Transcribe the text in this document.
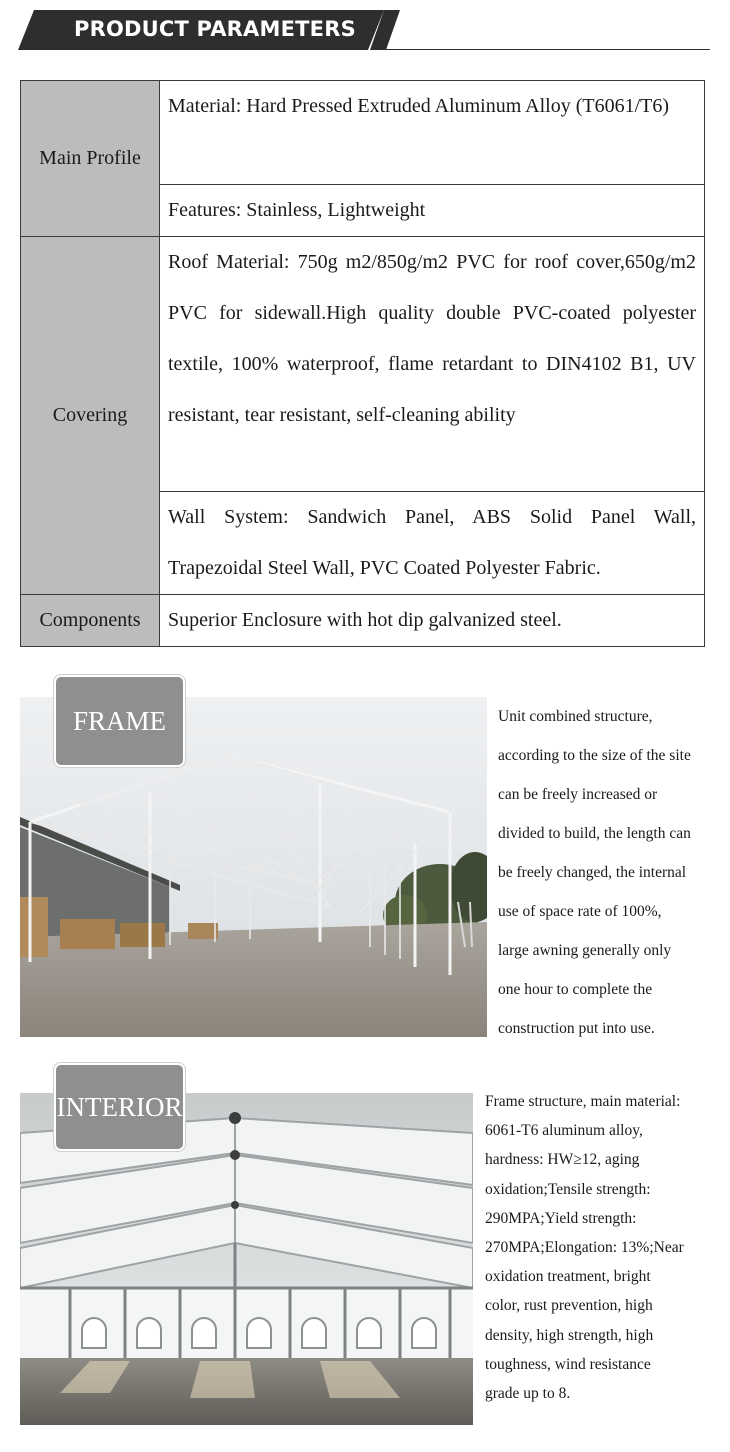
PRODUCT PARAMETERS
Main Profile	Material: Hard Pressed Extruded Aluminum Alloy (T6061/T6)
	Features: Stainless, Lightweight
Covering	Roof Material: 750g m2/850g/m2 PVC for roof cover,650g/m2 PVC for sidewall.High quality double PVC-coated polyester textile, 100% waterproof, flame retardant to DIN4102 B1, UV resistant, tear resistant, self-cleaning ability
	Wall System: Sandwich Panel, ABS Solid Panel Wall, Trapezoidal Steel Wall, PVC Coated Polyester Fabric.
Components	Superior Enclosure with hot dip galvanized steel.
FRAME	Unit combined structure,

according to the size of the site

can be freely increased or

divided to build, the length can

be freely changed, the internal

use of space rate of 100%,

large awning generally only

one hour to complete the

construction put into use.

INTERIOR	Frame structure, main material:

6061-T6 aluminum alloy,

hardness: HW≥12, aging

oxidation;Tensile strength:

290MPA;Yield strength:

270MPA;Elongation: 13%;Near

oxidation treatment, bright

color, rust prevention, high

density, high strength, high

toughness, wind resistance

grade up to 8.
